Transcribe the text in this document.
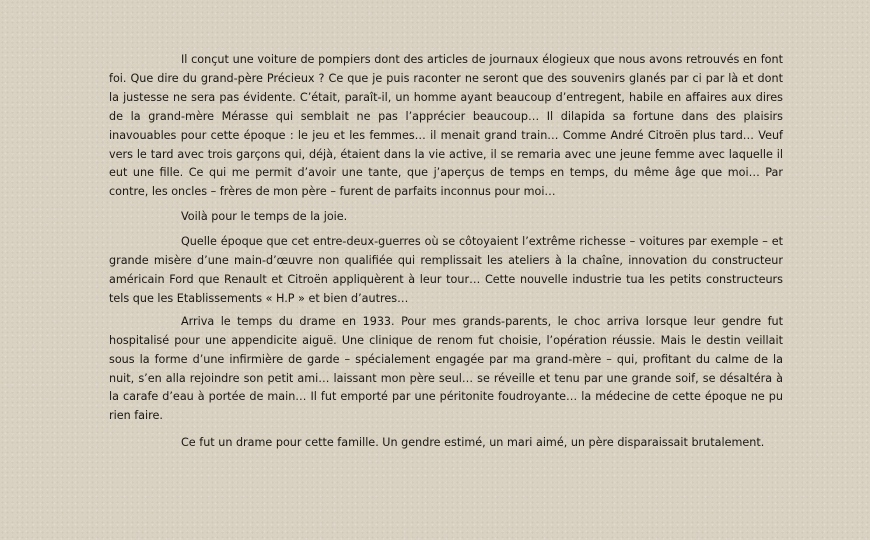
Il conçut une voiture de pompiers dont des articles de journaux élogieux que nous avons retrouvés en font foi. Que dire du grand-père Précieux ? Ce que je puis raconter ne seront que des souvenirs glanés par ci par là et dont la justesse ne sera pas évidente. C’était, paraît-il, un homme ayant beaucoup d’entregent, habile en affaires aux dires de la grand-mère Mérasse qui semblait ne pas l’apprécier beaucoup… Il dilapida sa fortune dans des plaisirs inavouables pour cette époque : le jeu et les femmes… il menait grand train… Comme André Citroën plus tard… Veuf vers le tard avec trois garçons qui, déjà, étaient dans la vie active, il se remaria avec une jeune femme avec laquelle il eut une fille. Ce qui me permit d’avoir une tante, que j’aperçus de temps en temps, du même âge que moi… Par contre, les oncles – frères de mon père – furent de parfaits inconnus pour moi…

Voilà pour le temps de la joie.

Quelle époque que cet entre-deux-guerres où se côtoyaient l’extrême richesse – voitures par exemple – et grande misère d’une main-d’œuvre non qualifiée qui remplissait les ateliers à la chaîne, innovation du constructeur américain Ford que Renault et Citroën appliquèrent à leur tour… Cette nouvelle industrie tua les petits constructeurs tels que les Etablissements « H.P » et bien d’autres…

Arriva le temps du drame en 1933. Pour mes grands-parents, le choc arriva lorsque leur gendre fut hospitalisé pour une appendicite aiguë. Une clinique de renom fut choisie, l’opération réussie. Mais le destin veillait sous la forme d’une infirmière de garde – spécialement engagée par ma grand-mère – qui, profitant du calme de la nuit, s’en alla rejoindre son petit ami… laissant mon père seul… se réveille et tenu par une grande soif, se désaltéra à la carafe d’eau à portée de main… Il fut emporté par une péritonite foudroyante… la médecine de cette époque ne pu rien faire.

Ce fut un drame pour cette famille. Un gendre estimé, un mari aimé, un père disparaissait brutalement.
